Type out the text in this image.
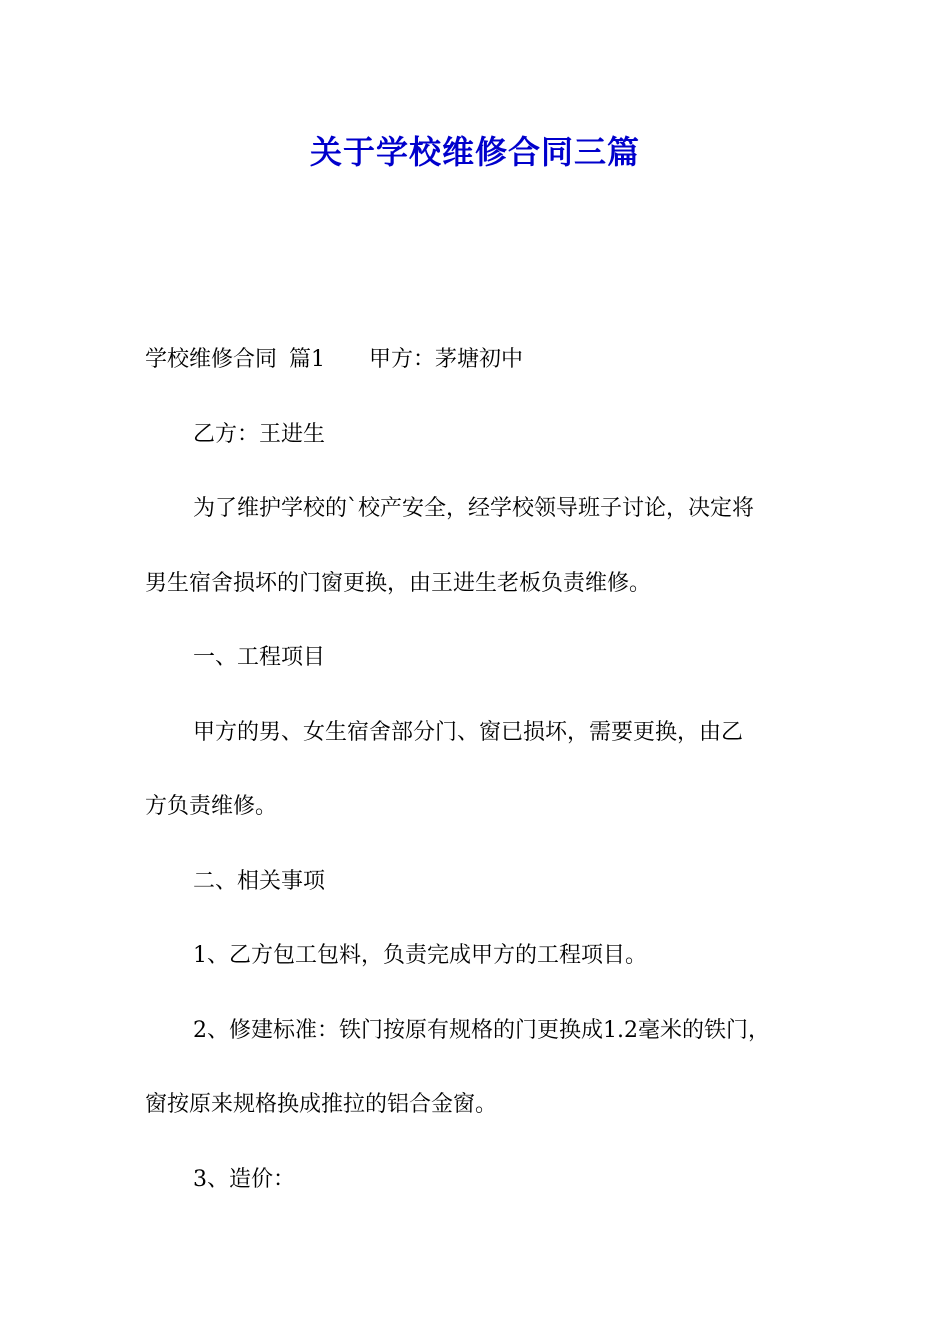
关于学校维修合同三篇
学校维修合同 篇1 甲方：茅塘初中
乙方：王进生
为了维护学校的`校产安全，经学校领导班子讨论，决定将
男生宿舍损坏的门窗更换，由王进生老板负责维修。
一、工程项目
甲方的男、女生宿舍部分门、窗已损坏，需要更换，由乙
方负责维修。
二、相关事项
1、乙方包工包料，负责完成甲方的工程项目。
2、修建标准：铁门按原有规格的门更换成1.2毫米的铁门，
窗按原来规格换成推拉的铝合金窗。
3、造价：
